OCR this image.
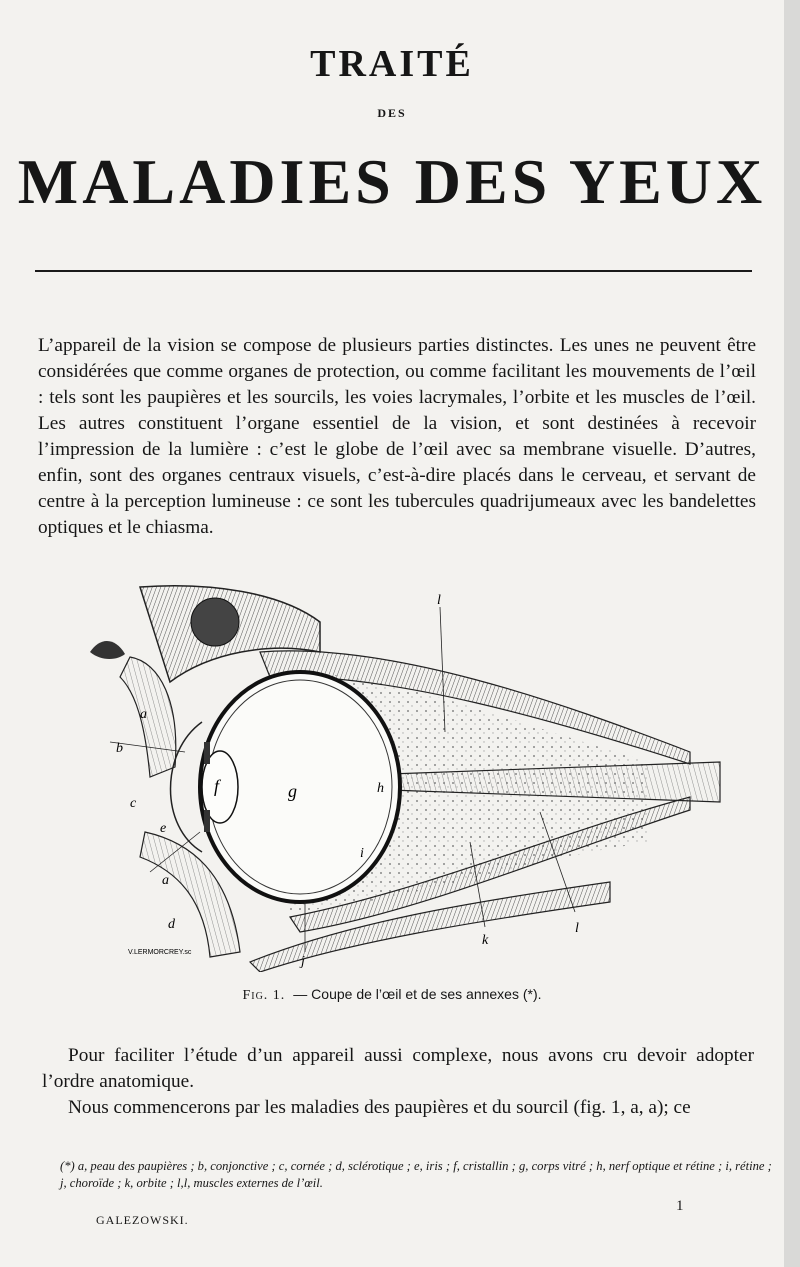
TRAITÉ
DES
MALADIES DES YEUX
L’appareil de la vision se compose de plusieurs parties distinctes. Les unes ne peuvent être considérées que comme organes de protection, ou comme facilitant les mouvements de l’œil : tels sont les paupières et les sourcils, les voies lacrymales, l’orbite et les muscles de l’œil. Les autres constituent l’organe essentiel de la vision, et sont destinées à recevoir l’impression de la lumière : c’est le globe de l’œil avec sa membrane visuelle. D’autres, enfin, sont des organes centraux visuels, c’est-à-dire placés dans le cerveau, et servant de centre à la perception lumineuse : ce sont les tubercules quadrijumeaux avec les bandelettes optiques et le chiasma.
l
a
b
c
f	g	h
e
i
a
d
j
k
l
V.LERMORCREY.sc
Fig. 1. — Coupe de l’œil et de ses annexes (*).

Pour faciliter l’étude d’un appareil aussi complexe, nous avons cru devoir adopter l’ordre anatomique.

Nous commencerons par les maladies des paupières et du sourcil (fig. 1, a, a); ce

(*) a, peau des paupières ; b, conjonctive ; c, cornée ; d, sclérotique ; e, iris ; f, cristallin ; g, corps vitré ; h, nerf optique et rétine ; i, rétine ; j, choroïde ; k, orbite ; l,l, muscles externes de l’œil.
1
GALEZOWSKI.
